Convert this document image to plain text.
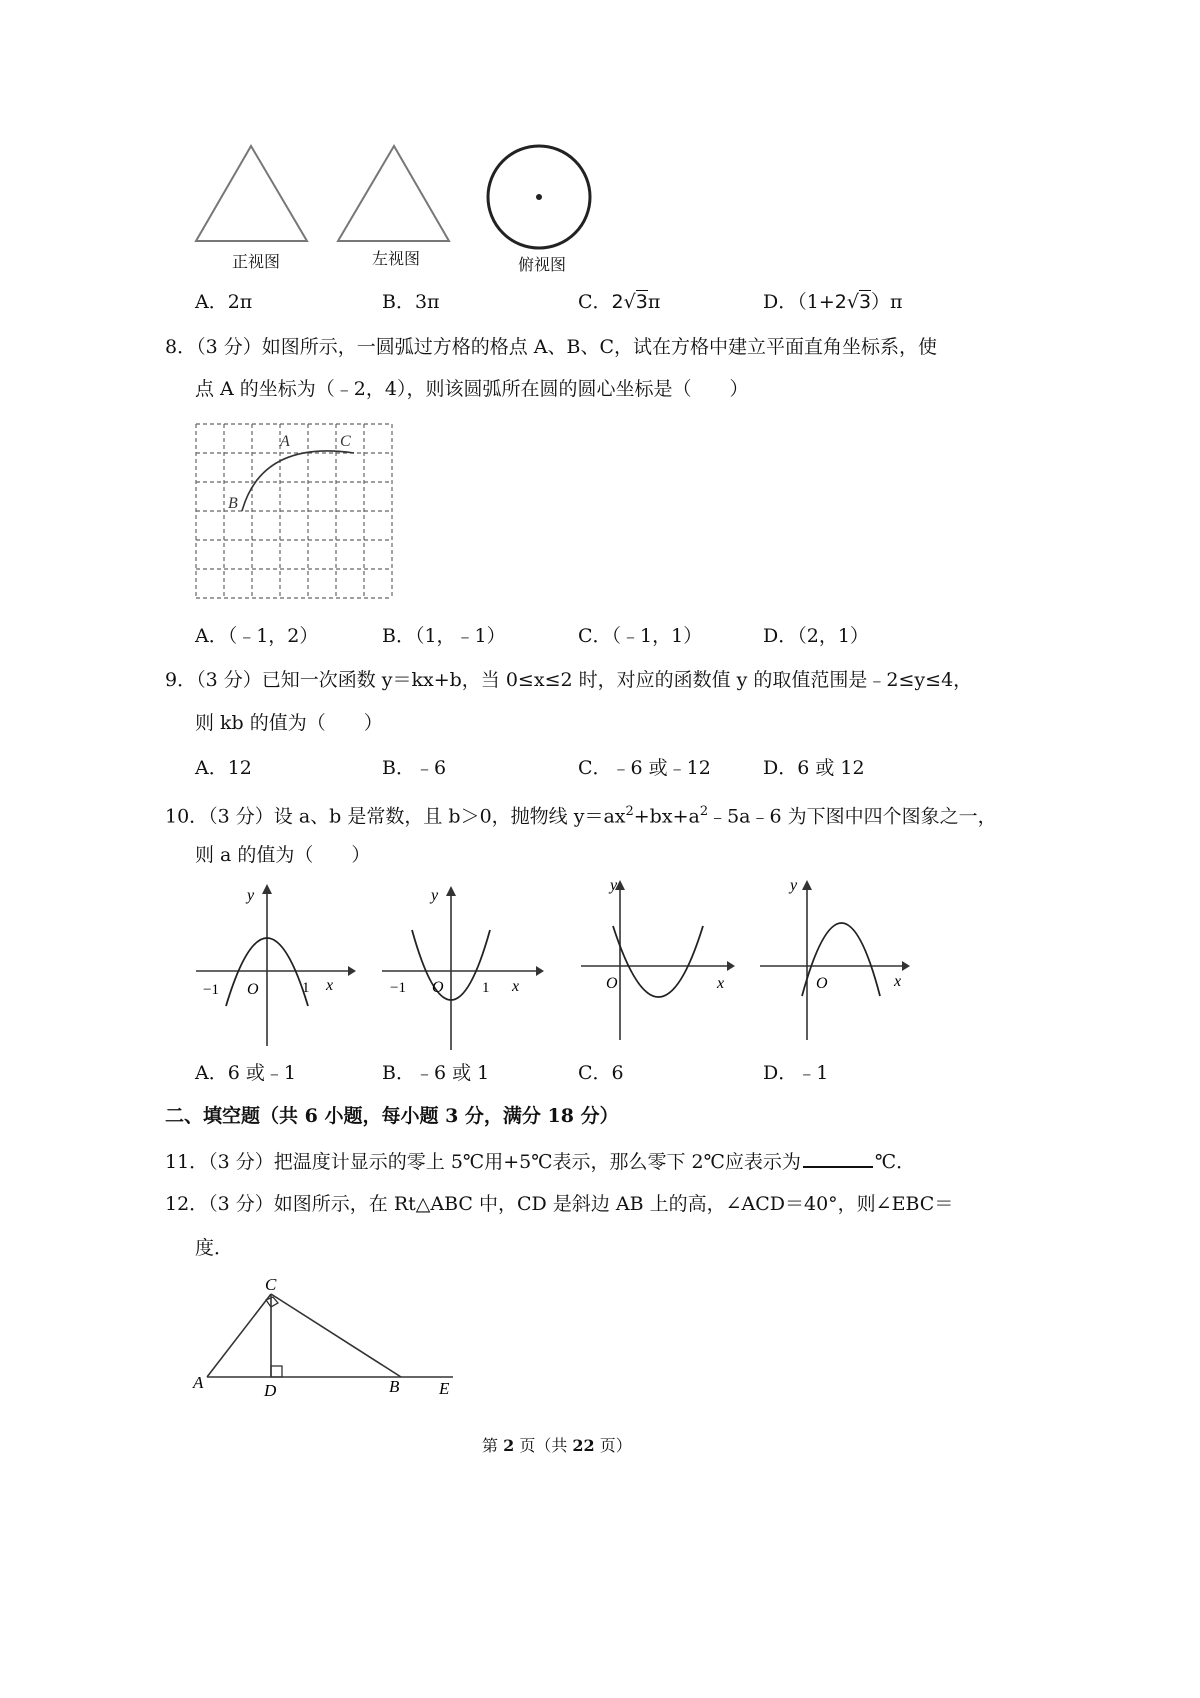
正视图	左视图	俯视图
A．2π	B．3π	C．2√3π	D．（1+2√3）π
8．（3 分）如图所示，一圆弧过方格的格点 A、B、C，试在方格中建立平面直角坐标系，使
点 A 的坐标为（﹣2，4），则该圆弧所在圆的圆心坐标是（　　）
A	C
B
A．（﹣1，2）	B．（1，﹣1）	C．（﹣1，1）	D．（2，1）
9．（3 分）已知一次函数 y＝kx+b，当 0≤x≤2 时，对应的函数值 y 的取值范围是﹣2≤y≤4，
则 kb 的值为（　　）
A．12	B．﹣6	C．﹣6 或﹣12	D．6 或 12
10．（3 分）设 a、b 是常数，且 b＞0，抛物线 $y=ax^2+bx+a^2﹣5a﹣6$ 为下图中四个图象之一，
则 a 的值为（　　）
y
x
O
−1	1
y
x
O
−1	1
y
x
O
y
x
O
A．6 或﹣1	B．﹣6 或 1	C．6	D．﹣1
二、填空题（共 6 小题，每小题 3 分，满分 18 分）
11．（3 分）把温度计显示的零上 5℃用+5℃表示，那么零下 2℃应表示为	℃．
12．（3 分）如图所示，在 Rt△ABC 中，CD 是斜边 AB 上的高，∠ACD＝40°，则∠EBC＝
度．
C
A	D	B E
第 2 页（共 22 页）
